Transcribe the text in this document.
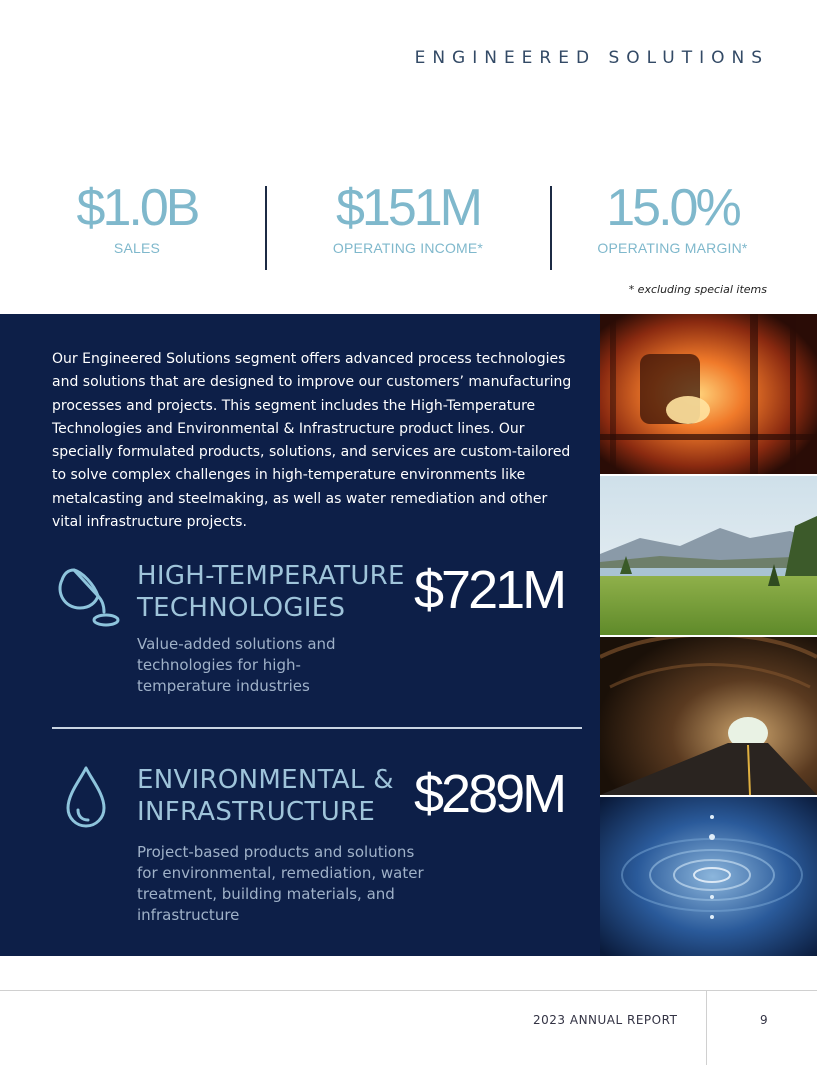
ENGINEERED SOLUTIONS
$1.0B
SALES
$151M
OPERATING INCOME*
15.0%
OPERATING MARGIN*
* excluding special items

Our Engineered Solutions segment offers advanced process technologies and solutions that are designed to improve our customers’ manufacturing processes and projects. This segment includes the High-Temperature Technologies and Environmental & Infrastructure product lines. Our specially formulated products, solutions, and services are custom-tailored to solve complex challenges in high-temperature environments like metalcasting and steelmaking, as well as water remediation and other vital infrastructure projects.

HIGH-TEMPERATURE
TECHNOLOGIES	$721M
Value-added solutions and technologies for high-temperature industries
ENVIRONMENTAL &
INFRASTRUCTURE $289M
Project-based products and solutions for environmental, remediation, water treatment, building materials, and infrastructure
2023 ANNUAL REPORT	9
